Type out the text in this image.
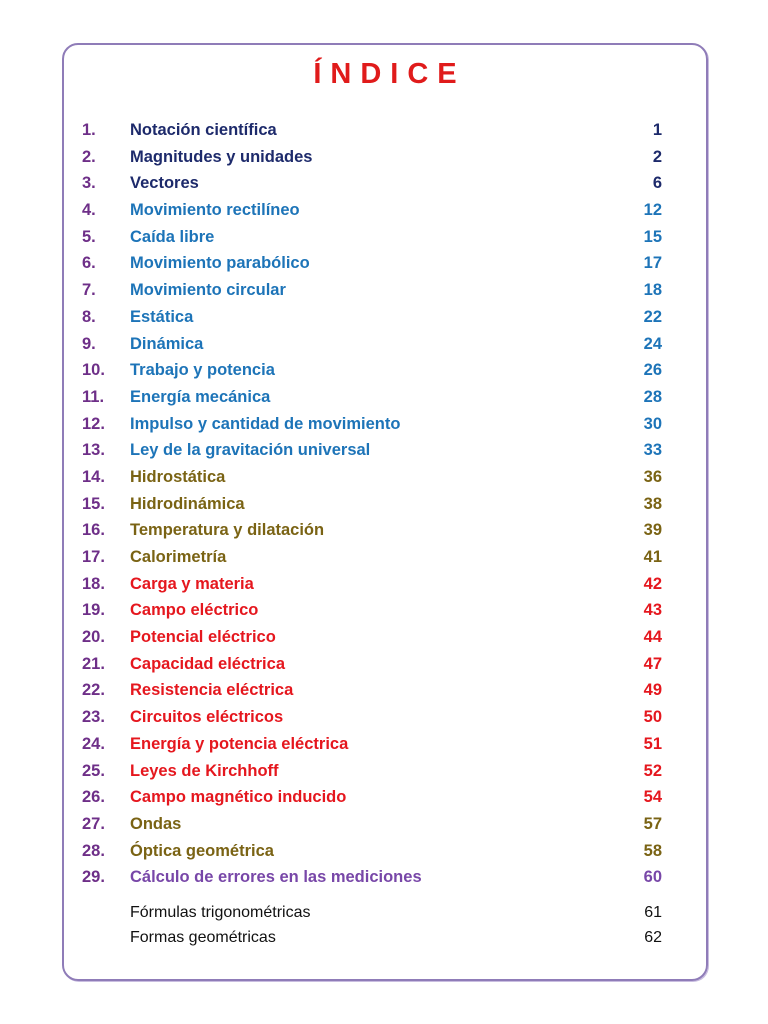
ÍNDICE
1. Notación científica	1
2. Magnitudes y unidades	2
3. Vectores	6
4. Movimiento rectilíneo	12
5. Caída libre	15
6. Movimiento parabólico	17
7. Movimiento circular	18
8. Estática	22
9. Dinámica	24
10. Trabajo y potencia	26
11. Energía mecánica	28
12. Impulso y cantidad de movimiento	30
13. Ley de la gravitación universal	33
14. Hidrostática	36
15. Hidrodinámica	38
16. Temperatura y dilatación	39
17. Calorimetría	41
18. Carga y materia	42
19. Campo eléctrico	43
20. Potencial eléctrico	44
21. Capacidad eléctrica	47
22. Resistencia eléctrica	49
23. Circuitos eléctricos	50
24. Energía y potencia eléctrica	51
25. Leyes de Kirchhoff	52
26. Campo magnético inducido	54
27. Ondas	57
28. Óptica geométrica	58
29. Cálculo de errores en las mediciones	60
Fórmulas trigonométricas	61
Formas geométricas	62
